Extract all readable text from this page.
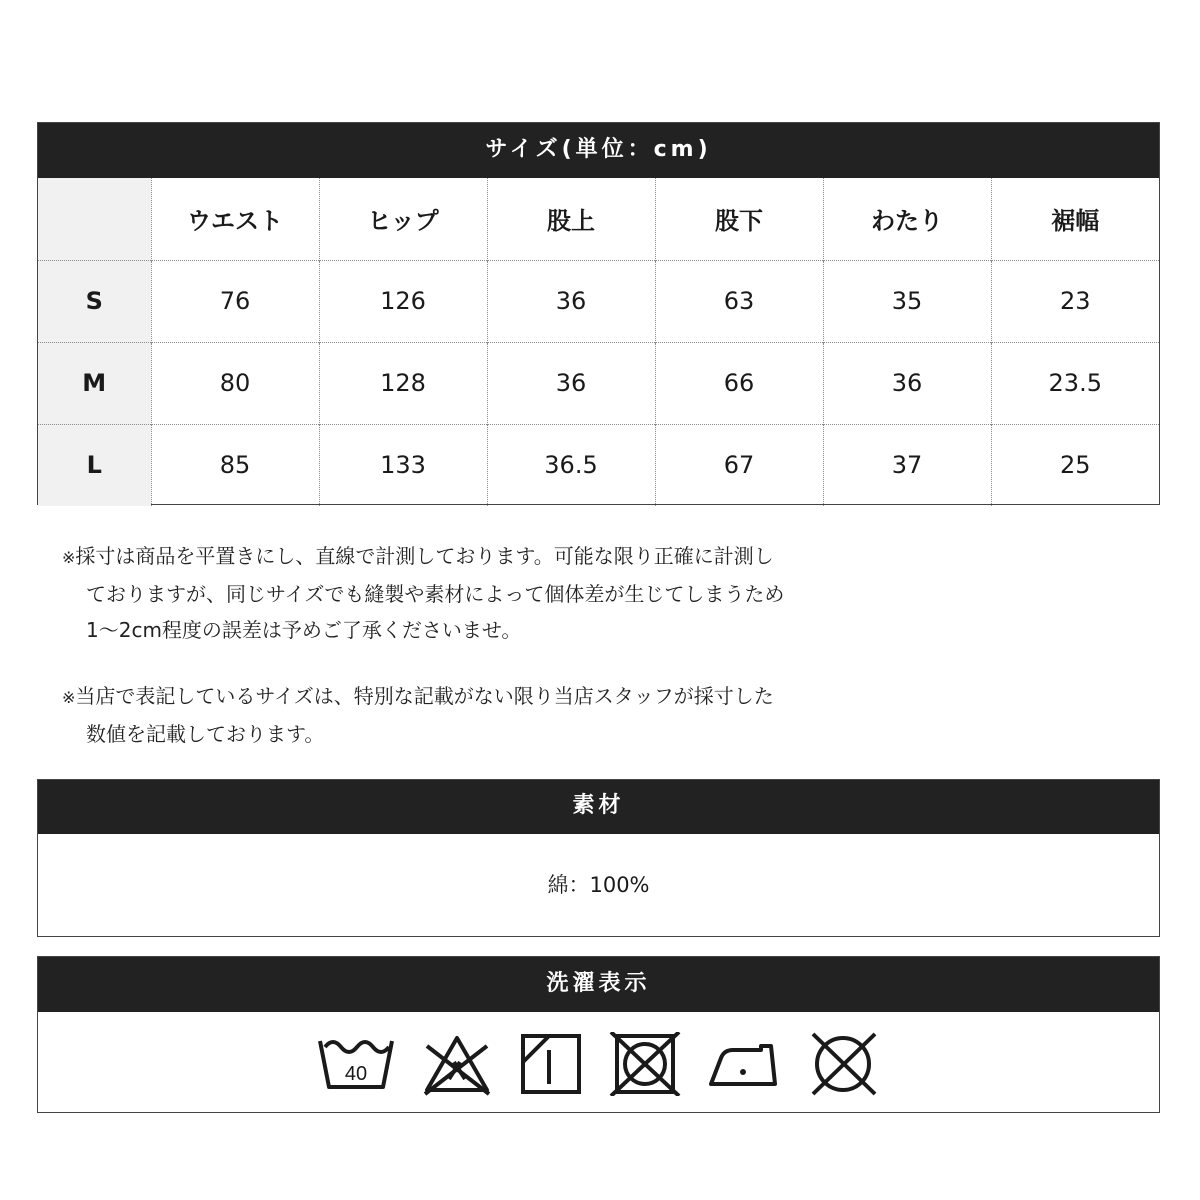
サイズ(単位：cm)
	ウエスト	ヒップ	股上	股下	わたり	裾幅
S	76	126	36	63	35	23
M	80	128	36	66	36	23.5
L	85	133	36.5	67	37	25
※採寸は商品を平置きにし、直線で計測しております。可能な限り正確に計測し
ておりますが、同じサイズでも縫製や素材によって個体差が生じてしまうため
1〜2cm程度の誤差は予めご了承くださいませ。
※当店で表記しているサイズは、特別な記載がない限り当店スタッフが採寸した
数値を記載しております。
素材
綿：100%
洗濯表示
40
